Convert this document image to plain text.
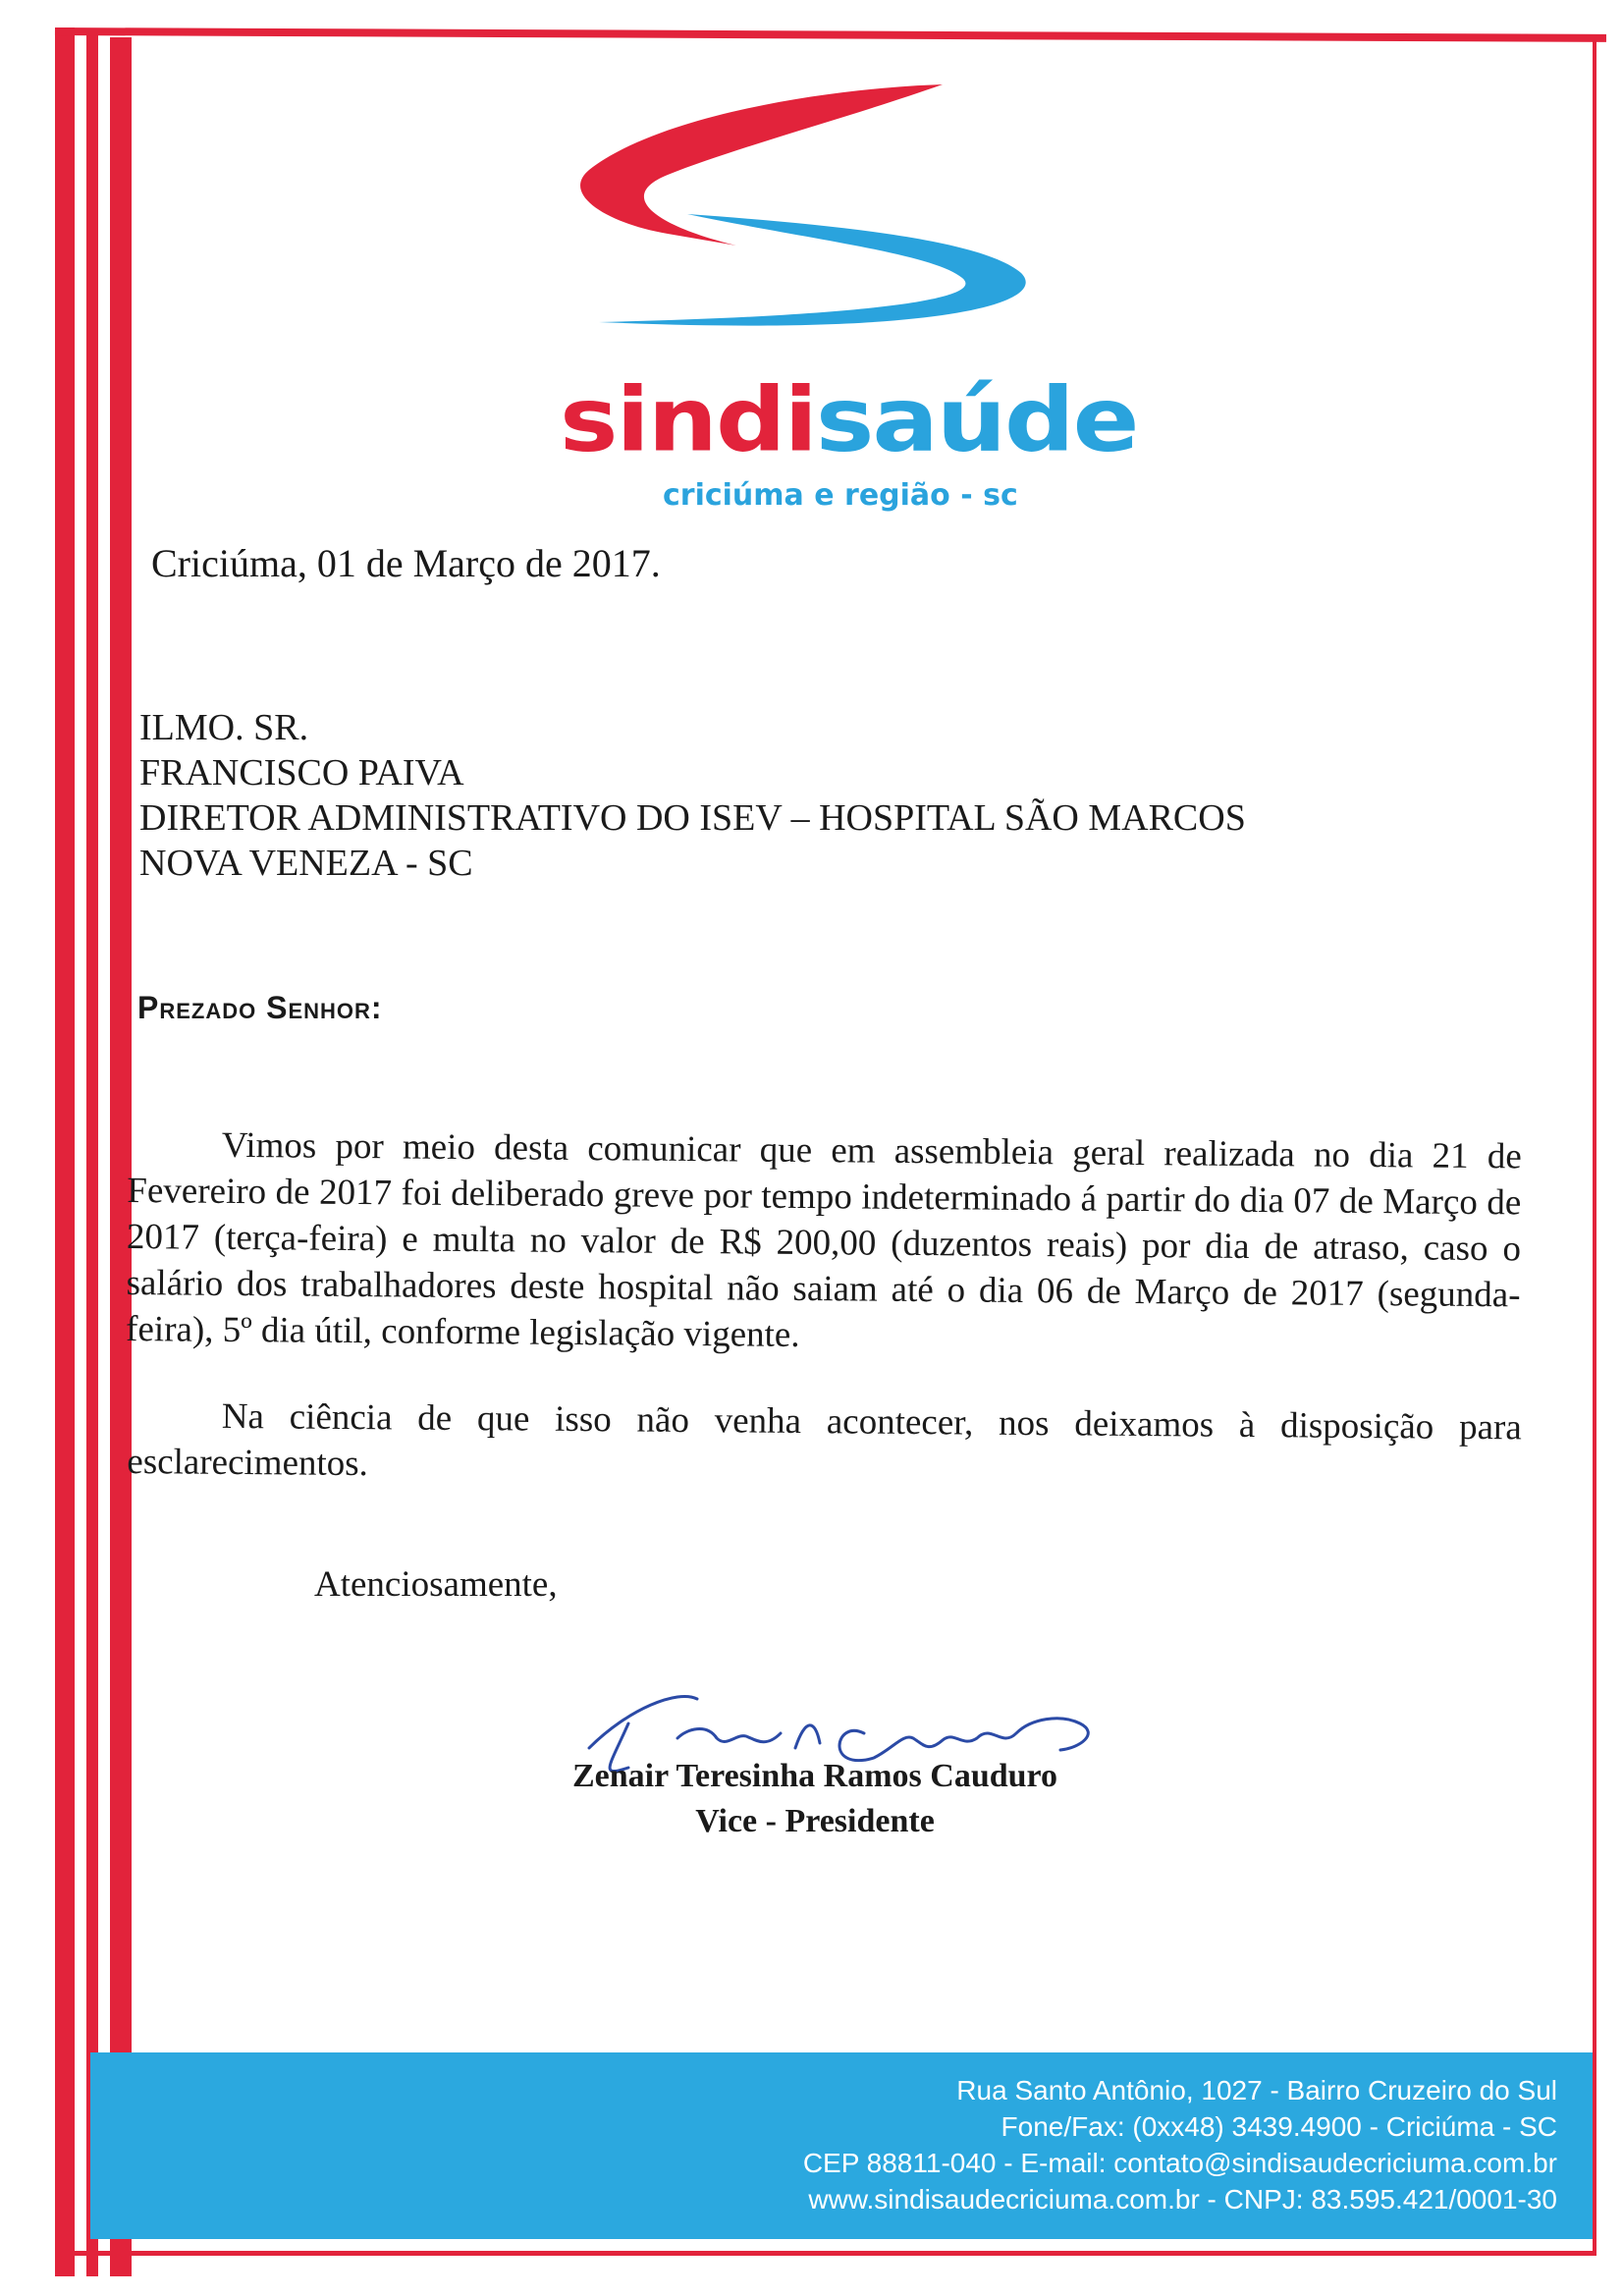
sindisaúde
criciúma e região - sc

Criciúma, 01 de Março de 2017.

ILMO. SR.
FRANCISCO PAIVA
DIRETOR ADMINISTRATIVO DO ISEV – HOSPITAL SÃO MARCOS
NOVA VENEZA - SC

Prezado Senhor:

Vimos por meio desta comunicar que em assembleia geral realizada no dia 21 de Fevereiro de 2017 foi deliberado greve por tempo indeterminado á partir do dia 07 de Março de 2017 (terça-feira) e multa no valor de R$ 200,00 (duzentos reais) por dia de atraso, caso o salário dos trabalhadores deste hospital não saiam até o dia 06 de Março de 2017 (segunda-feira), 5º dia útil, conforme legislação vigente.

Na ciência de que isso não venha acontecer, nos deixamos à disposição para esclarecimentos.

Atenciosamente,

Zenair Teresinha Ramos Cauduro
Vice - Presidente
Rua Santo Antônio, 1027 - Bairro Cruzeiro do Sul
Fone/Fax: (0xx48) 3439.4900 - Criciúma - SC
CEP 88811-040 - E-mail: contato@sindisaudecriciuma.com.br
www.sindisaudecriciuma.com.br - CNPJ: 83.595.421/0001-30
